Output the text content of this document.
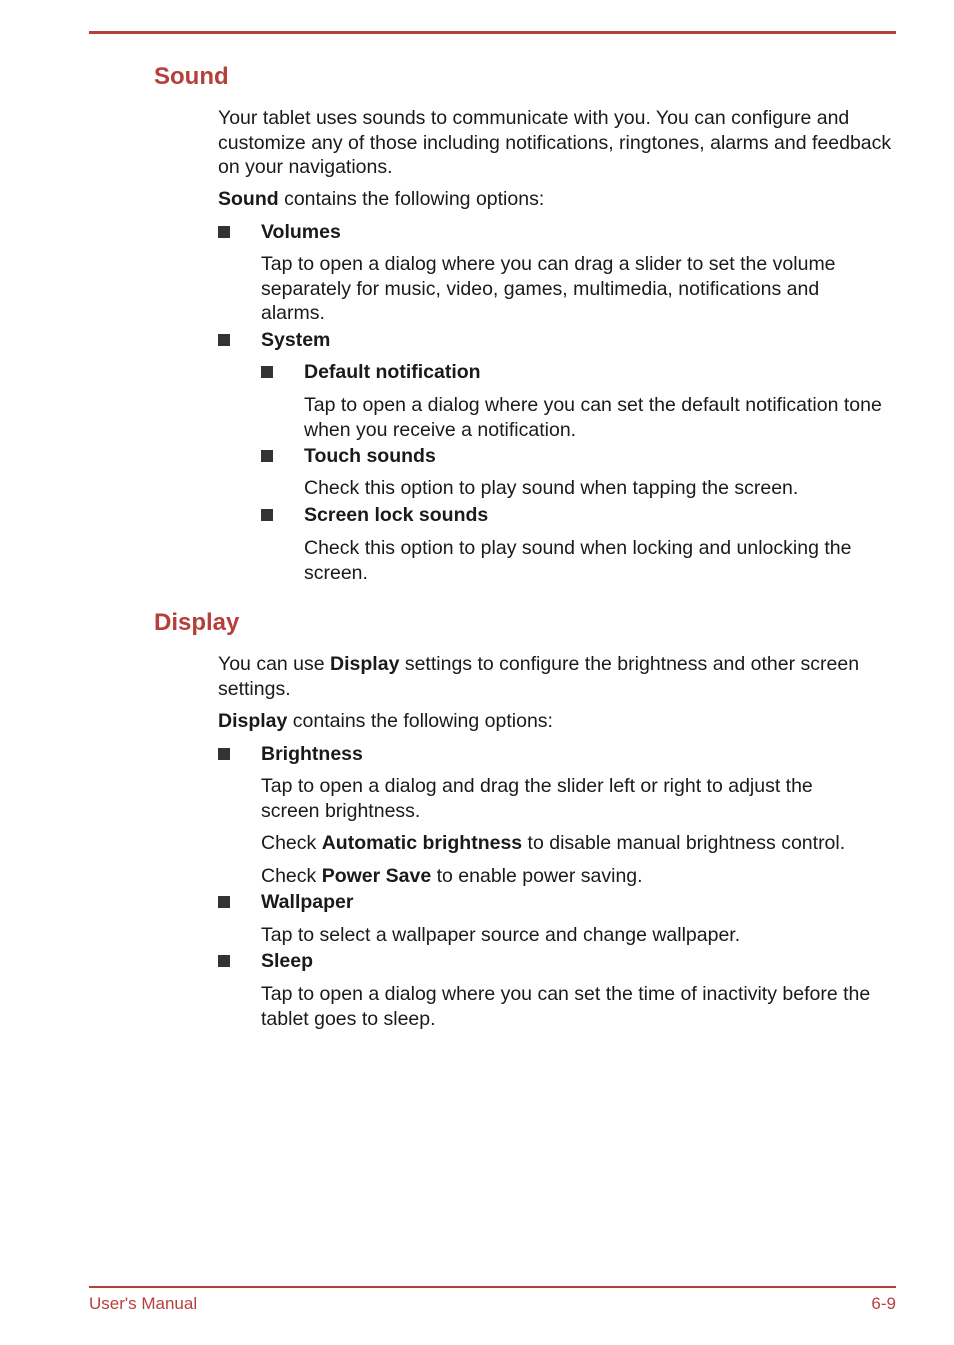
Sound

Your tablet uses sounds to communicate with you. You can configure and customize any of those including notifications, ringtones, alarms and feedback on your navigations.

Sound contains the following options:

Volumes

Tap to open a dialog where you can drag a slider to set the volume separately for music, video, games, multimedia, notifications and alarms.

System

Default notification

Tap to open a dialog where you can set the default notification tone when you receive a notification.

Touch sounds

Check this option to play sound when tapping the screen.

Screen lock sounds

Check this option to play sound when locking and unlocking the screen.

Display

You can use Display settings to configure the brightness and other screen settings.

Display contains the following options:

Brightness

Tap to open a dialog and drag the slider left or right to adjust the screen brightness.

Check Automatic brightness to disable manual brightness control.

Check Power Save to enable power saving.

Wallpaper

Tap to select a wallpaper source and change wallpaper.

Sleep

Tap to open a dialog where you can set the time of inactivity before the tablet goes to sleep.

User's Manual	6-9
